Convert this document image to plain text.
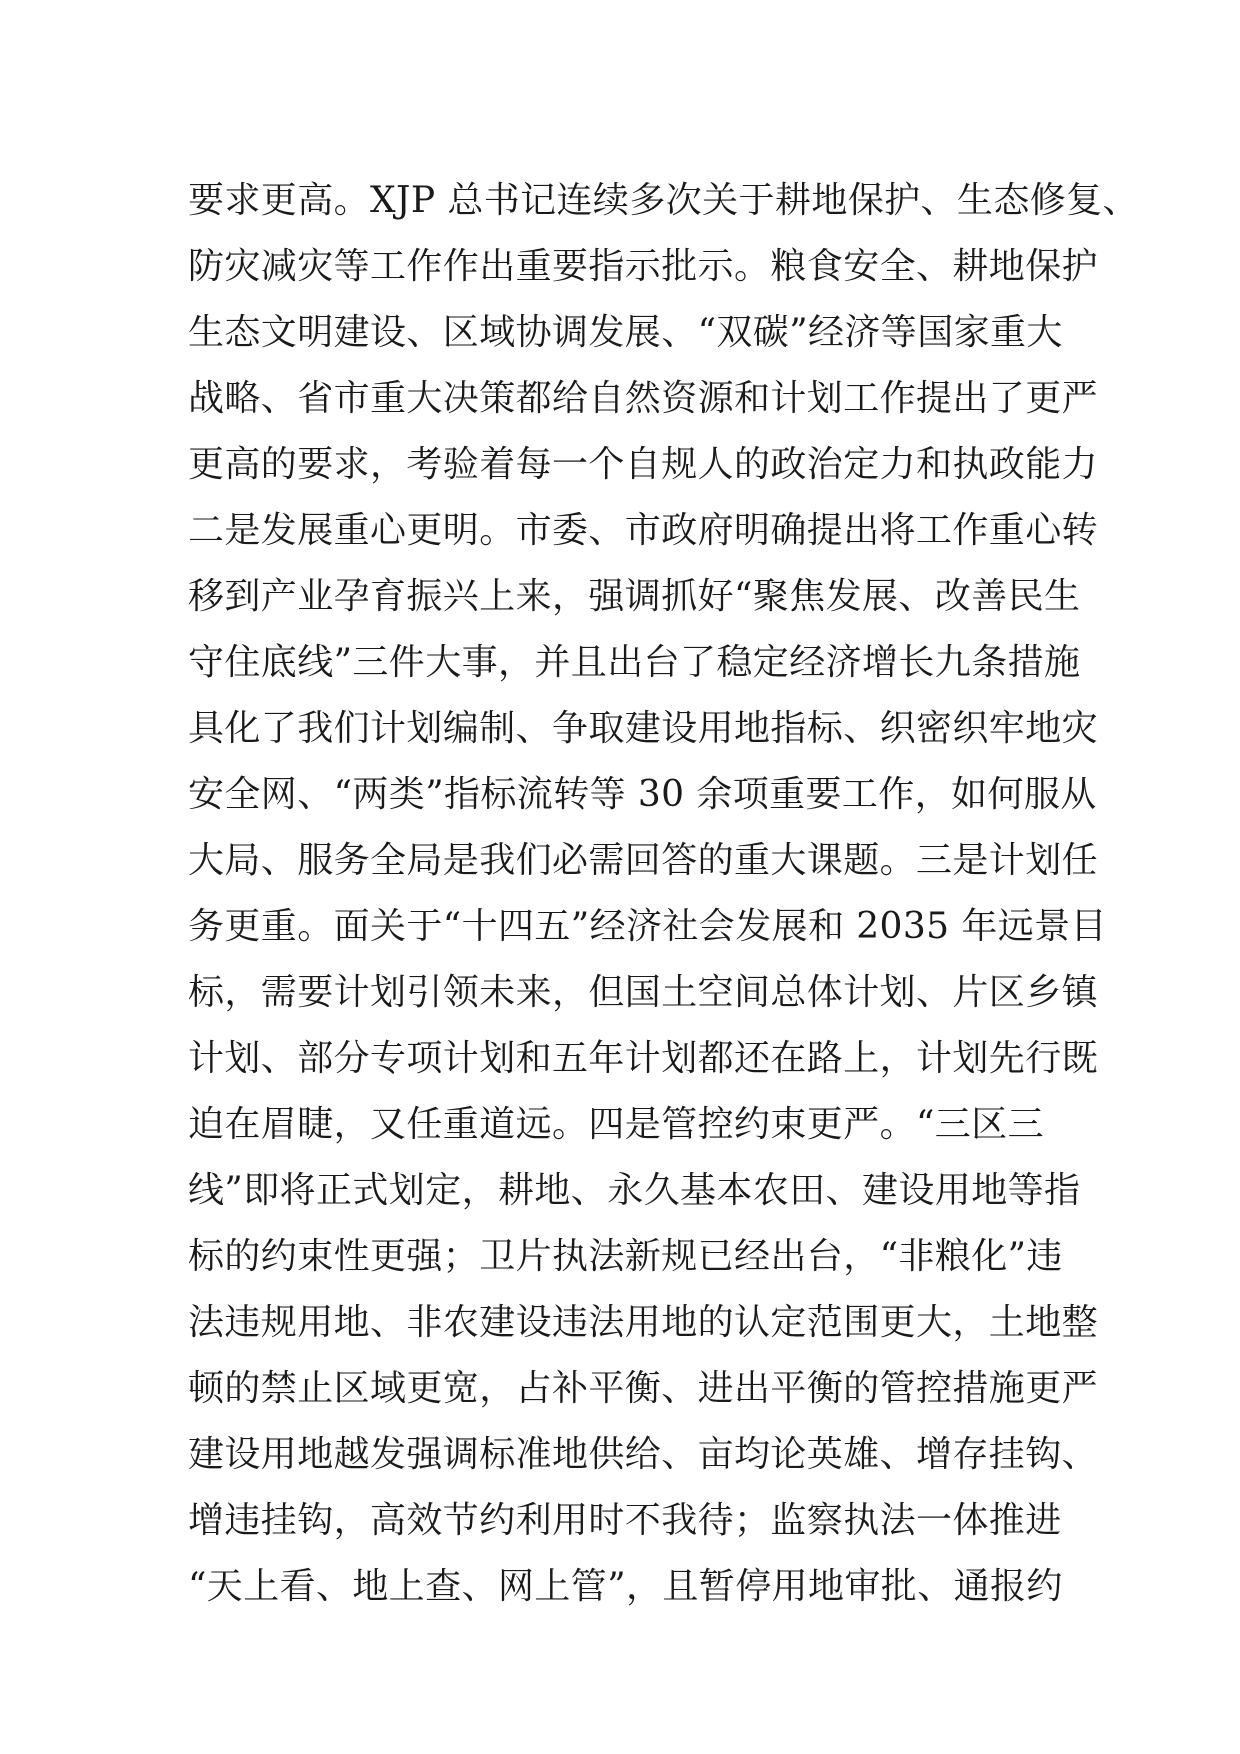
要求更高。XJP 总书记连续多次关于耕地保护、生态修复、
防灾减灾等工作作出重要指示批示。粮食安全、耕地保护
生态文明建设、区域协调发展、“双碳”经济等国家重大
战略、省市重大决策都给自然资源和计划工作提出了更严
更高的要求，考验着每一个自规人的政治定力和执政能力
二是发展重心更明。市委、市政府明确提出将工作重心转
移到产业孕育振兴上来，强调抓好“聚焦发展、改善民生
守住底线”三件大事，并且出台了稳定经济增长九条措施
具化了我们计划编制、争取建设用地指标、织密织牢地灾
安全网、“两类”指标流转等 30 余项重要工作，如何服从
大局、服务全局是我们必需回答的重大课题。三是计划任
务更重。面关于“十四五”经济社会发展和 2035 年远景目
标，需要计划引领未来，但国土空间总体计划、片区乡镇
计划、部分专项计划和五年计划都还在路上，计划先行既
迫在眉睫，又任重道远。四是管控约束更严。“三区三
线”即将正式划定，耕地、永久基本农田、建设用地等指
标的约束性更强；卫片执法新规已经出台，“非粮化”违
法违规用地、非农建设违法用地的认定范围更大，土地整
顿的禁止区域更宽，占补平衡、进出平衡的管控措施更严
建设用地越发强调标准地供给、亩均论英雄、增存挂钩、
增违挂钩，高效节约利用时不我待；监察执法一体推进
“天上看、地上查、网上管”，且暂停用地审批、通报约
